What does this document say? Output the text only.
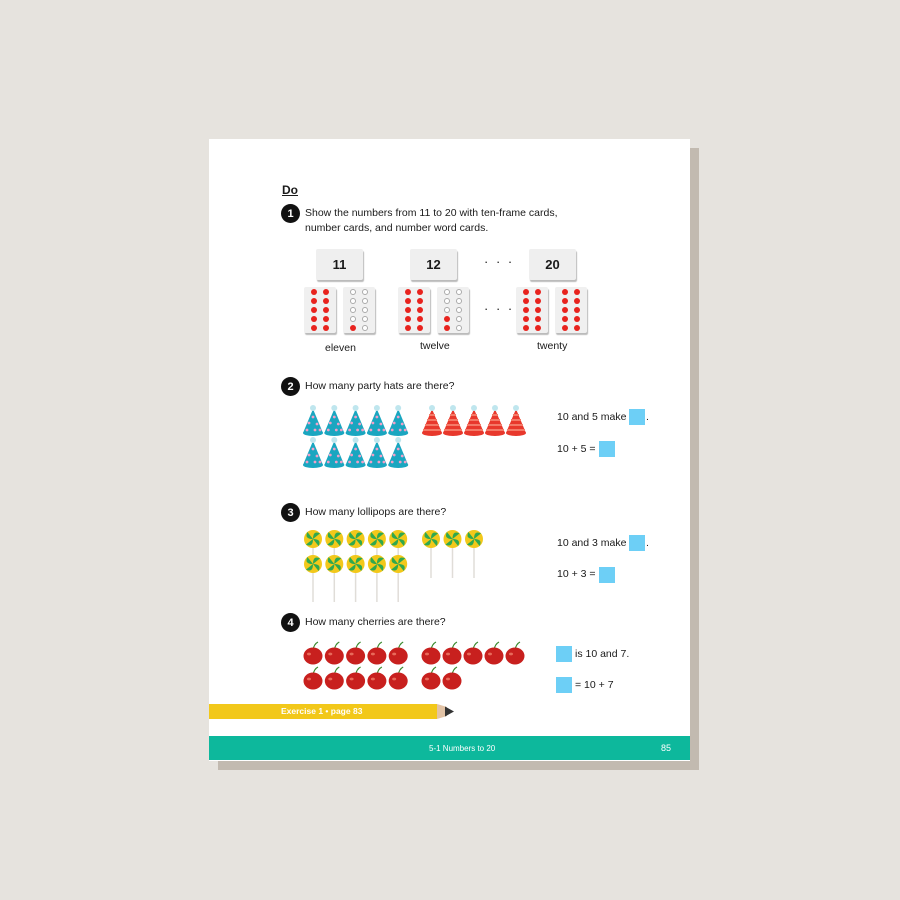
Do
1	Show the numbers from 11 to 20 with ten-frame cards,
number cards, and number word cards.
11	12	20
· · ·
· · ·
eleven	twelve	twenty
2	How many party hats are there?
10 and 5 make .
10 + 5 =
3	How many lollipops are there?
10 and 3 make .
10 + 3 =
4	How many cherries are there?
is 10 and 7.
= 10 + 7
Exercise 1 • page 83
5-1 Numbers to 20	85
